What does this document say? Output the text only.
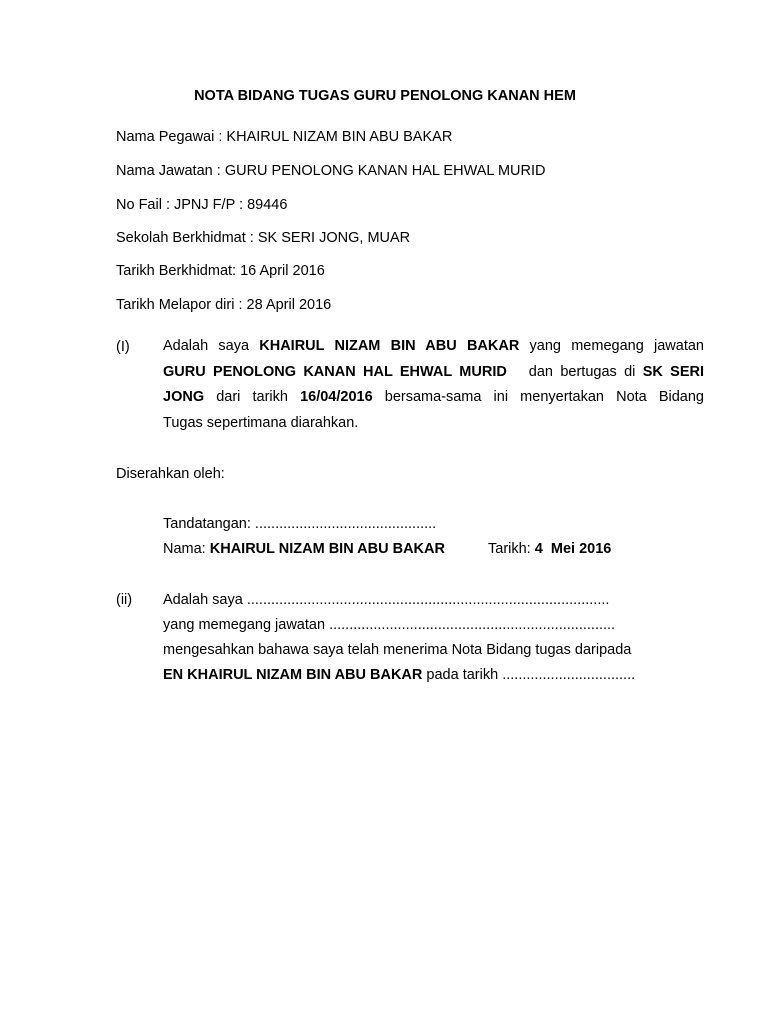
NOTA BIDANG TUGAS GURU PENOLONG KANAN HEM
Nama Pegawai : KHAIRUL NIZAM BIN ABU BAKAR
Nama Jawatan : GURU PENOLONG KANAN HAL EHWAL MURID
No Fail : JPNJ F/P : 89446
Sekolah Berkhidmat : SK SERI JONG, MUAR
Tarikh Berkhidmat: 16 April 2016
Tarikh Melapor diri : 28 April 2016
(I) Adalah saya KHAIRUL NIZAM BIN ABU BAKAR yang memegang jawatan
GURU PENOLONG KANAN HAL EHWAL MURID   dan bertugas di SK SERI
JONG dari tarikh 16/04/2016 bersama-sama ini menyertakan Nota Bidang
Tugas sepertimana diarahkan.
Diserahkan oleh:
Tandatangan: .............................................
Nama: KHAIRUL NIZAM BIN ABU BAKAR	Tarikh: 4  Mei 2016
(ii) Adalah saya ..........................................................................................
yang memegang jawatan .......................................................................
mengesahkan bahawa saya telah menerima Nota Bidang tugas daripada
EN KHAIRUL NIZAM BIN ABU BAKAR pada tarikh .................................
